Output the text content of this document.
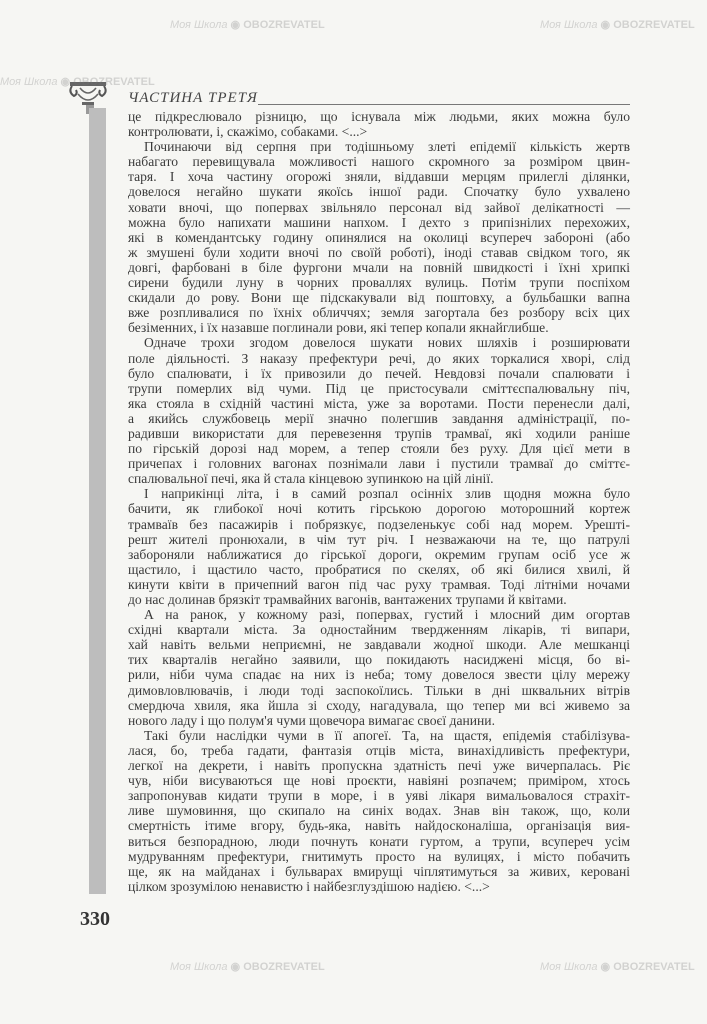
ЧАСТИНА ТРЕТЯ
це підкреслювало різницю, що існувала між людьми, яких можна було
контролювати, і, скажімо, собаками. <...>
Починаючи від серпня при тодішньому злеті епідемії кількість жертв
набагато перевищувала можливості нашого скромного за розміром цвин-
таря. І хоча частину огорожі зняли, віддавши мерцям прилеглі ділянки,
довелося негайно шукати якоїсь іншої ради. Спочатку було ухвалено
ховати вночі, що попервах звільняло персонал від зайвої делікатності —
можна було напихати машини напхом. І дехто з припізнілих перехожих,
які в комендантську годину опинялися на околиці всупереч забороні (або
ж змушені були ходити вночі по своїй роботі), іноді ставав свідком того, як
довгі, фарбовані в біле фургони мчали на повній швидкості і їхні хрипкі
сирени будили луну в чорних проваллях вулиць. Потім трупи поспіхом
скидали до рову. Вони ще підскакували від поштовху, а бульбашки вапна
вже розпливалися по їхніх обличчях; земля загортала без розбору всіх цих
безіменних, і їх назавше поглинали рови, які тепер копали якнайглибше.
Одначе трохи згодом довелося шукати нових шляхів і розширювати
поле діяльності. З наказу префектури речі, до яких торкалися хворі, слід
було спалювати, і їх привозили до печей. Невдовзі почали спалювати і
трупи померлих від чуми. Під це пристосували сміттєспалювальну піч,
яка стояла в східній частині міста, уже за воротами. Пости перенесли далі,
а якийсь службовець мерії значно полегшив завдання адміністрації, по-
радивши використати для перевезення трупів трамваї, які ходили раніше
по гірській дорозі над морем, а тепер стояли без руху. Для цієї мети в
причепах і головних вагонах познімали лави і пустили трамваї до сміттє-
спалювальної печі, яка й стала кінцевою зупинкою на цій лінії.
І наприкінці літа, і в самий розпал осінніх злив щодня можна було
бачити, як глибокої ночі котить гірською дорогою моторошний кортеж
трамваїв без пасажирів і побрязкує, подзеленькує собі над морем. Урешті-
решт жителі пронюхали, в чім тут річ. І незважаючи на те, що патрулі
забороняли наближатися до гірської дороги, окремим групам осіб усе ж
щастило, і щастило часто, пробратися по скелях, об які билися хвилі, й
кинути квіти в причепний вагон під час руху трамвая. Тоді літніми ночами
до нас долинав брязкіт трамвайних вагонів, вантажених трупами й квітами.
А на ранок, у кожному разі, попервах, густий і млосний дим огортав
східні квартали міста. За одностайним твердженням лікарів, ті випари,
хай навіть вельми неприємні, не завдавали жодної шкоди. Але мешканці
тих кварталів негайно заявили, що покидають насиджені місця, бо ві-
рили, ніби чума спадає на них із неба; тому довелося звести цілу мережу
димовловлювачів, і люди тоді заспокоїлись. Тільки в дні шквальних вітрів
смердюча хвиля, яка йшла зі сходу, нагадувала, що тепер ми всі живемо за
нового ладу і що полум'я чуми щовечора вимагає своєї данини.
Такі були наслідки чуми в її апогеї. Та, на щастя, епідемія стабілізува-
лася, бо, треба гадати, фантазія отців міста, винахідливість префектури,
легкої на декрети, і навіть пропускна здатність печі уже вичерпалась. Ріє
чув, ніби висуваються ще нові проєкти, навіяні розпачем; приміром, хтось
запропонував кидати трупи в море, і в уяві лікаря вимальовалося страхіт-
ливе шумовиння, що скипало на синіх водах. Знав він також, що, коли
смертність ітиме вгору, будь-яка, навіть найдосконаліша, організація вия-
виться безпорадною, люди почнуть конати гуртом, а трупи, всупереч усім
мудруванням префектури, гнитимуть просто на вулицях, і місто побачить
ще, як на майданах і бульварах вмирущі чіплятимуться за живих, керовані
цілком зрозумілою ненавистю і найбезглуздішою надією. <...>
330
Моя Школа ◉ OBOZREVATEL	Моя Школа ◉ OBOZREVATEL
Моя Школа ◉ OBOZREVATEL
Моя Школа ◉ OBOZREVATEL	Моя Школа ◉ OBOZREVATEL
